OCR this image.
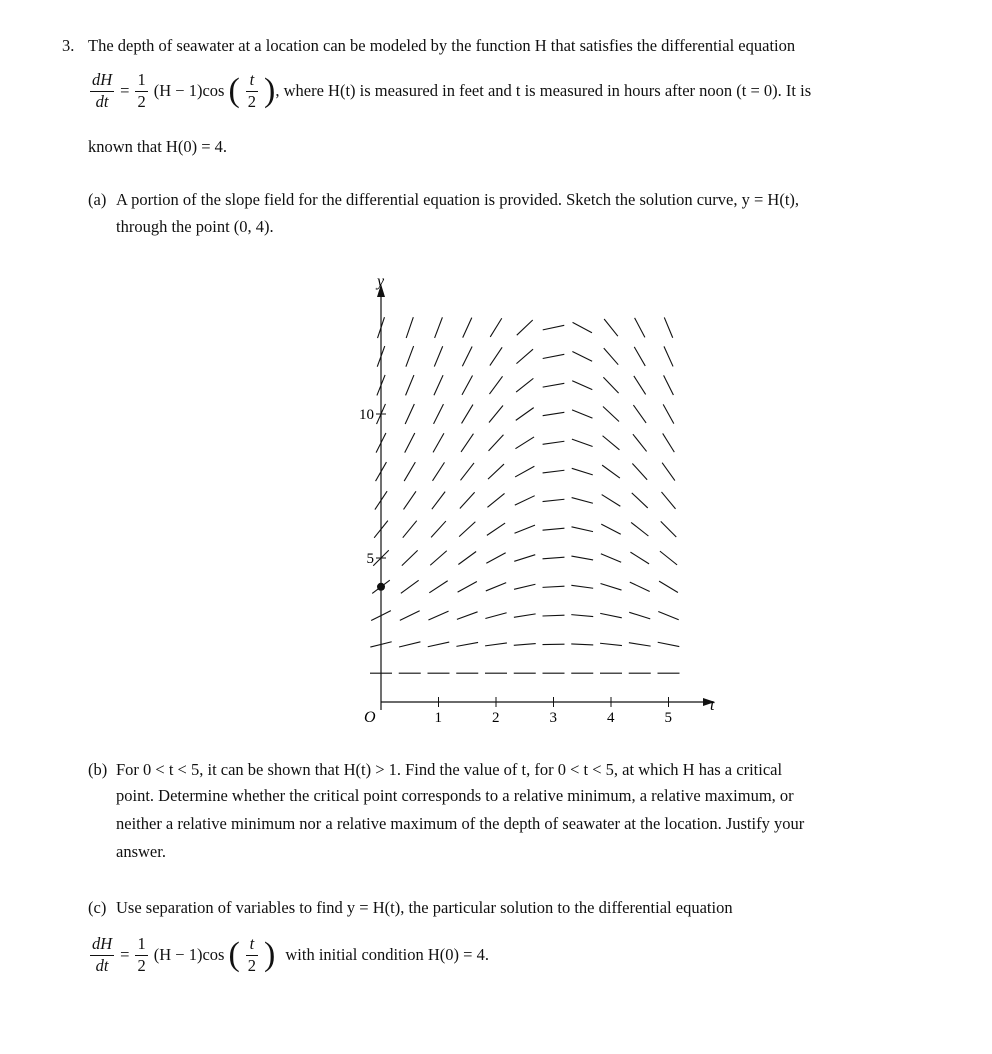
3. The depth of seawater at a location can be modeled by the function H that satisfies the differential equation
$\frac{dH}{dt} = \frac{1}{2} (H - 1)\cos$ ( $\frac{t}{2}$ ) , where H(t) is measured in feet and t is measured in hours after noon (t = 0). It is
known that H(0) = 4.
(a) A portion of the slope field for the differential equation is provided. Sketch the solution curve, y = H(t),
through the point (0, 4).
t
y
O	1	2	3	4	5
5
10
(b) For 0 < t < 5, it can be shown that H(t) > 1. Find the value of t, for 0 < t < 5, at which H has a critical
point. Determine whether the critical point corresponds to a relative minimum, a relative maximum, or
neither a relative minimum nor a relative maximum of the depth of seawater at the location. Justify your
answer.
(c) Use separation of variables to find y = H(t), the particular solution to the differential equation
$\frac{dH}{dt} = \frac{1}{2} (H - 1)\cos$ ( $\frac{t}{2}$ ) with initial condition H(0) = 4.
